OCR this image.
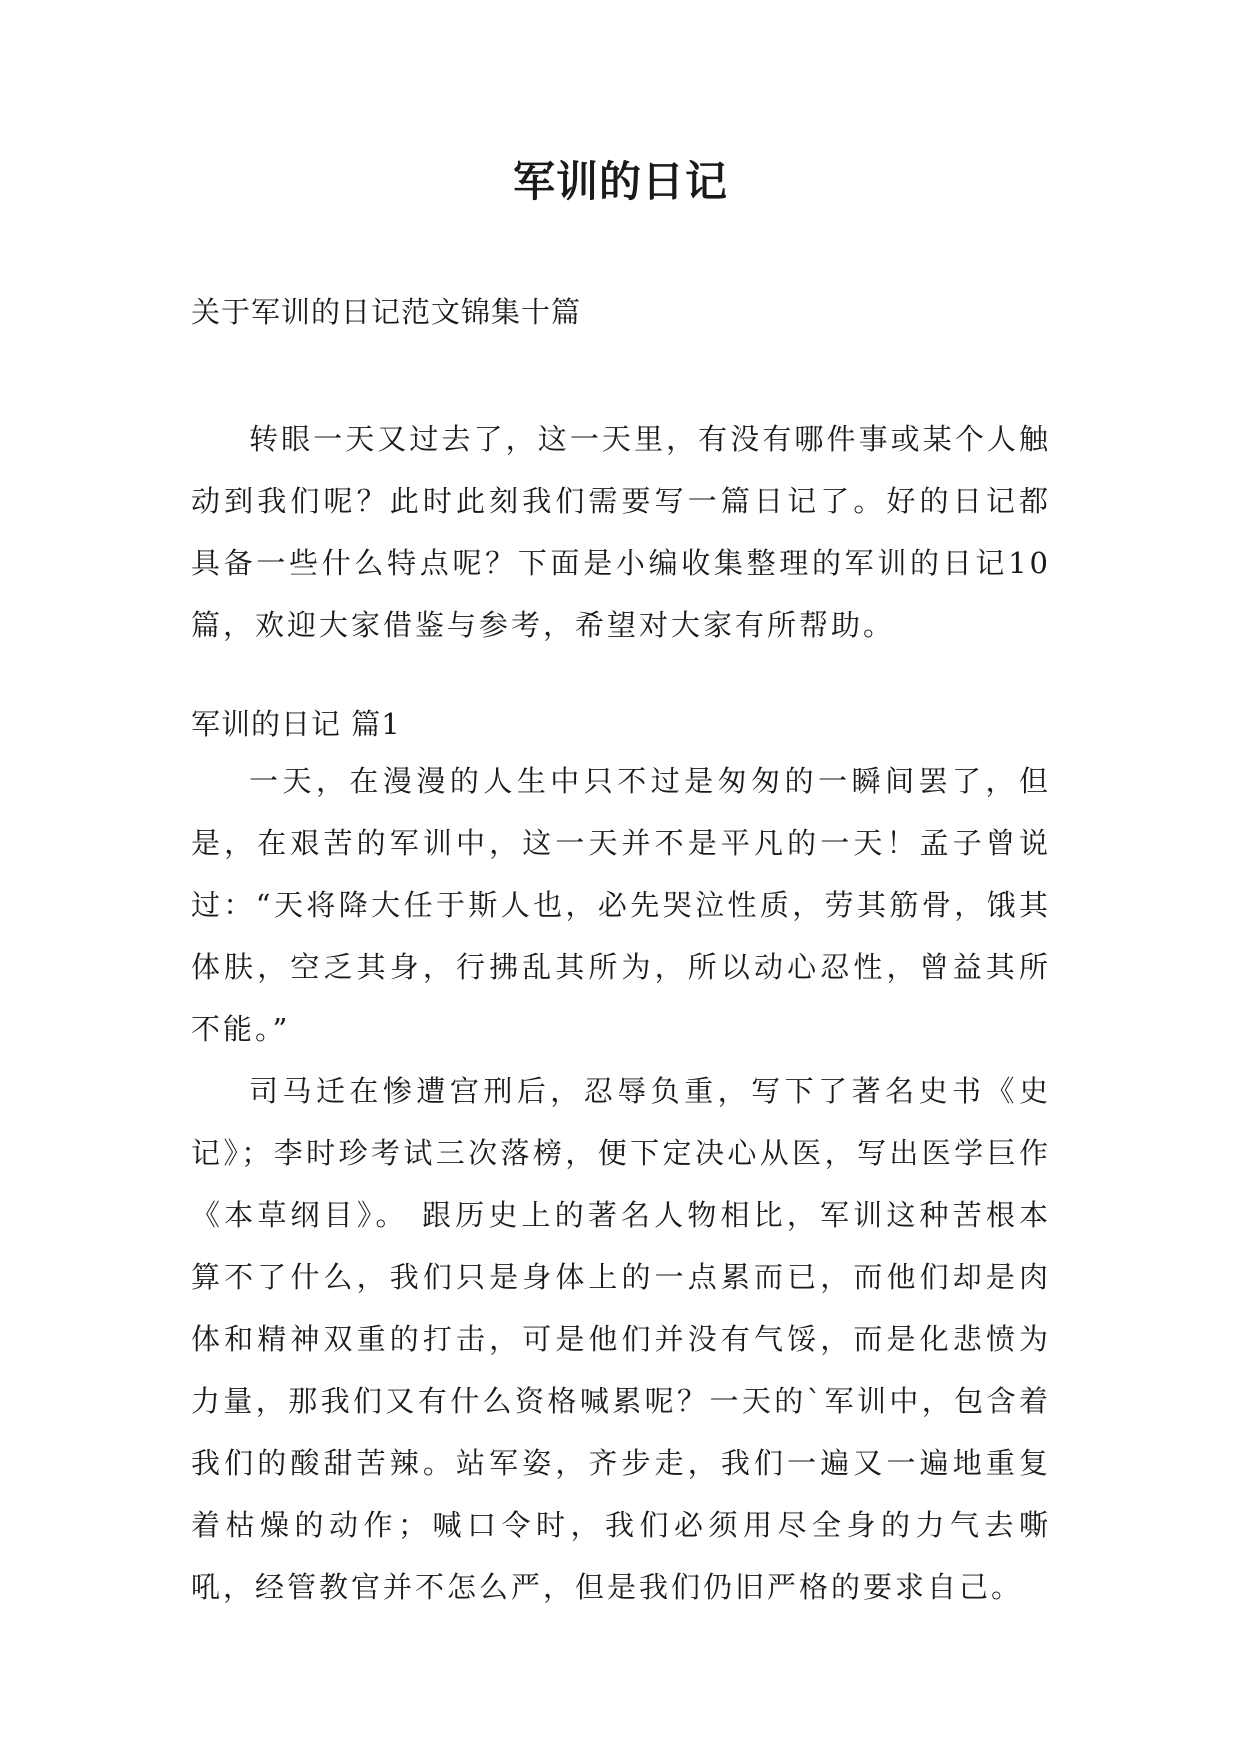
军训的日记
关于军训的日记范文锦集十篇

转眼一天又过去了，这一天里，有没有哪件事或某个人触动到我们呢？此时此刻我们需要写一篇日记了。好的日记都具备一些什么特点呢？下面是小编收集整理的军训的日记10篇，欢迎大家借鉴与参考，希望对大家有所帮助。

军训的日记 篇1

一天，在漫漫的人生中只不过是匆匆的一瞬间罢了，但是，在艰苦的军训中，这一天并不是平凡的一天！孟子曾说过：“天将降大任于斯人也，必先哭泣性质，劳其筋骨，饿其体肤，空乏其身，行拂乱其所为，所以动心忍性，曾益其所不能。”

司马迁在惨遭宫刑后，忍辱负重，写下了著名史书《史记》；李时珍考试三次落榜，便下定决心从医，写出医学巨作《本草纲目》。 跟历史上的著名人物相比，军训这种苦根本算不了什么，我们只是身体上的一点累而已，而他们却是肉体和精神双重的打击，可是他们并没有气馁，而是化悲愤为力量，那我们又有什么资格喊累呢？一天的`军训中，包含着我们的酸甜苦辣。站军姿，齐步走，我们一遍又一遍地重复着枯燥的动作；喊口令时，我们必须用尽全身的力气去嘶吼，经管教官并不怎么严，但是我们仍旧严格的要求自己。
